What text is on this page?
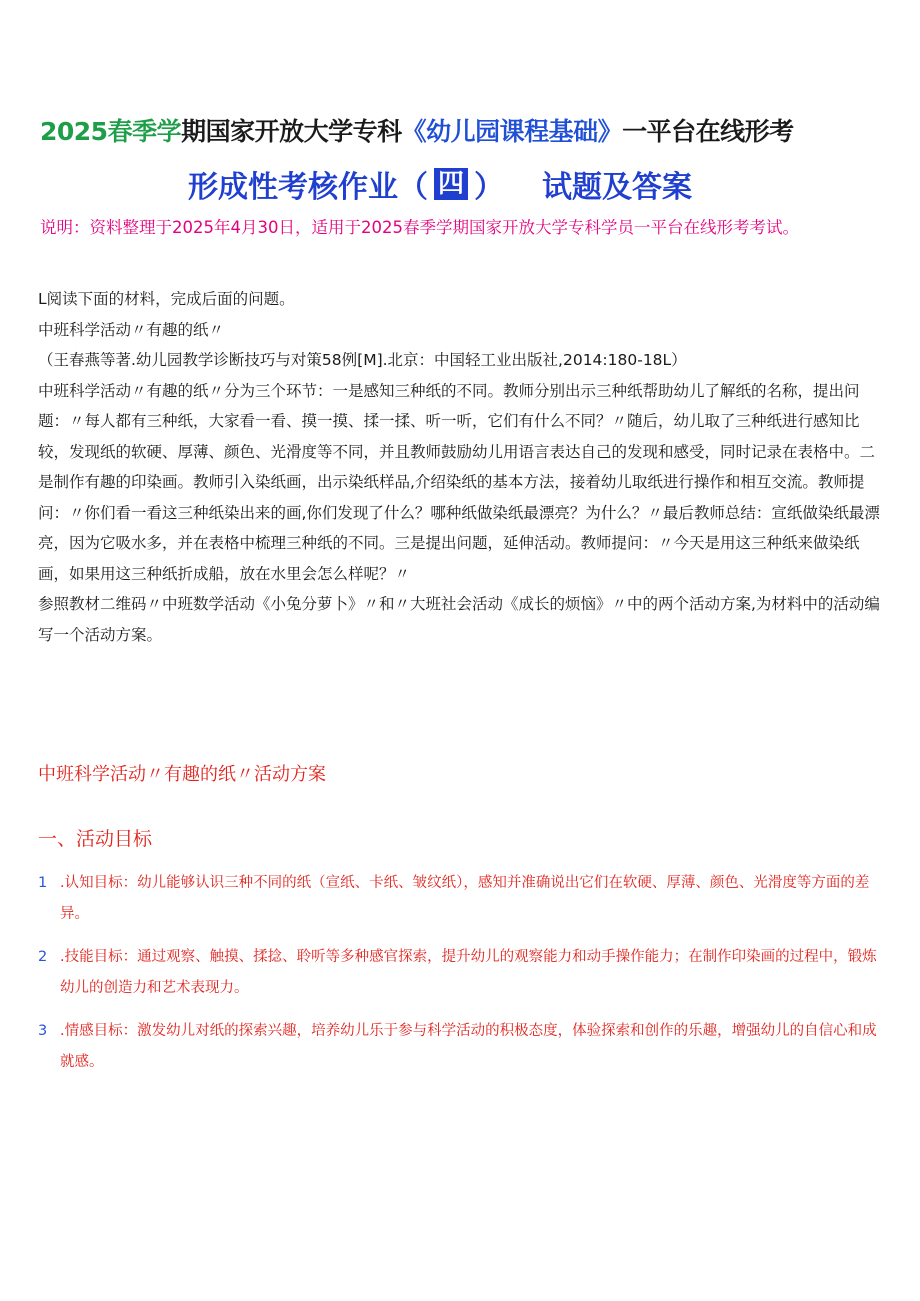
2025春季学期国家开放大学专科《幼儿园课程基础》一平台在线形考
形成性考核作业（ 四 ） 试题及答案
说明：资料整理于2025年4月30日，适用于2025春季学期国家开放大学专科学员一平台在线形考考试。

L阅读下面的材料，完成后面的问题。

中班科学活动〃有趣的纸〃

（王春燕等著.幼儿园教学诊断技巧与对策58例[M].北京：中国轻工业出版社,2014:180-18L）

中班科学活动〃有趣的纸〃分为三个环节：一是感知三种纸的不同。教师分别出示三种纸帮助幼儿了解纸的名称，提出问题：〃每人都有三种纸，大家看一看、摸一摸、揉一揉、听一听，它们有什么不同？〃随后，幼儿取了三种纸进行感知比较，发现纸的软硬、厚薄、颜色、光滑度等不同，并且教师鼓励幼儿用语言表达自己的发现和感受，同时记录在表格中。二是制作有趣的印染画。教师引入染纸画，出示染纸样品,介绍染纸的基本方法，接着幼儿取纸进行操作和相互交流。教师提问：〃你们看一看这三种纸染出来的画,你们发现了什么？哪种纸做染纸最漂亮？为什么？〃最后教师总结：宣纸做染纸最漂亮，因为它吸水多，并在表格中梳理三种纸的不同。三是提出问题，延伸活动。教师提问：〃今天是用这三种纸来做染纸画，如果用这三种纸折成船，放在水里会怎么样呢？〃

参照教材二维码〃中班数学活动《小兔分萝卜》〃和〃大班社会活动《成长的烦恼》〃中的两个活动方案,为材料中的活动编写一个活动方案。

中班科学活动〃有趣的纸〃活动方案
一、活动目标
1 .认知目标：幼儿能够认识三种不同的纸（宣纸、卡纸、皱纹纸），感知并准确说出它们在软硬、厚薄、颜色、光滑度等方面的差异。
2 .技能目标：通过观察、触摸、揉捻、聆听等多种感官探索，提升幼儿的观察能力和动手操作能力；在制作印染画的过程中，锻炼幼儿的创造力和艺术表现力。
3 .情感目标：激发幼儿对纸的探索兴趣，培养幼儿乐于参与科学活动的积极态度，体验探索和创作的乐趣，增强幼儿的自信心和成就感。
